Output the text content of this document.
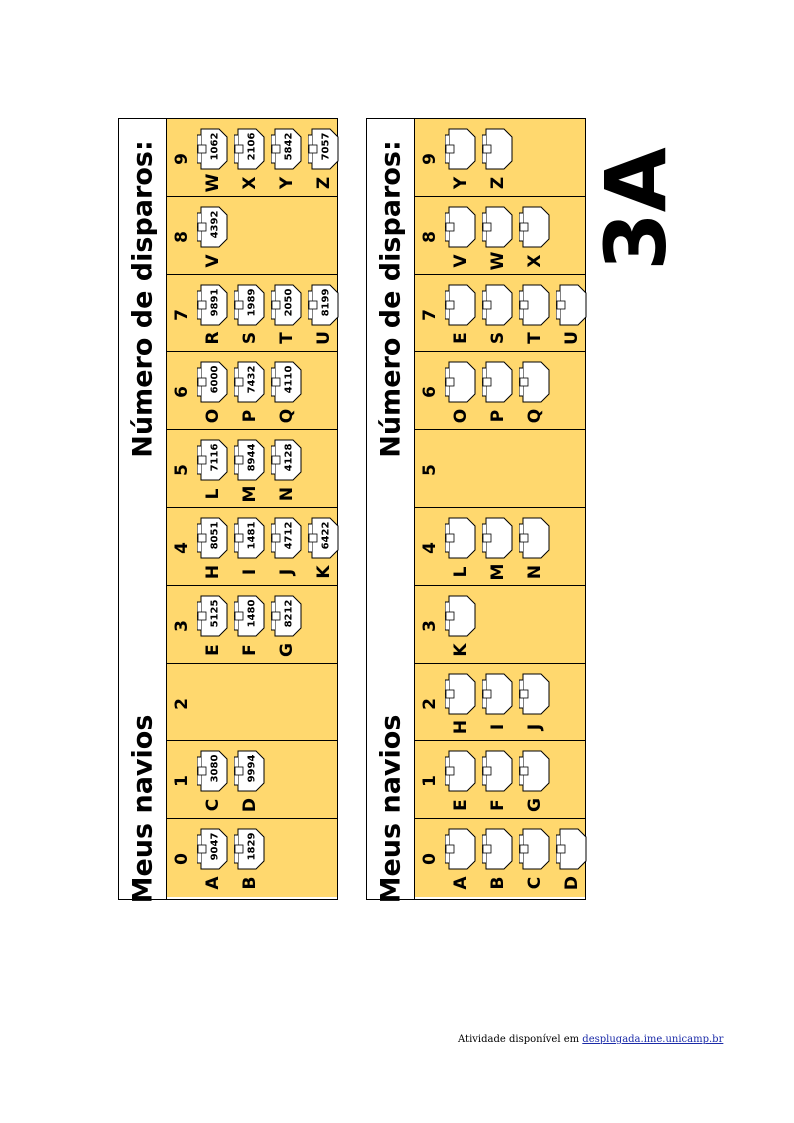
Número de disparos:
Meus navios
9 1062
W
2106
X
5842
Y
7057
Z
8 4392
V
7 9891
R
1989
S
2050
T
8199
U
6 6000
O
7432
P
4110
Q
5 7116
L
8944
M
4128
N
4 8051
H
1481
I
4712
J
6422
K
3 5125
E
1480
F
8212
G
2
1 3080
C
9994
D
0 9047
A
1829
B
Número de disparos:
Meus navios
9
Y Z
8
V W X
7
E S T U
6
O P Q
5
4
L M N
3
K
2
H I J
1
E F G
0
A B C D
3A
Atividade disponível em desplugada.ime.unicamp.br
